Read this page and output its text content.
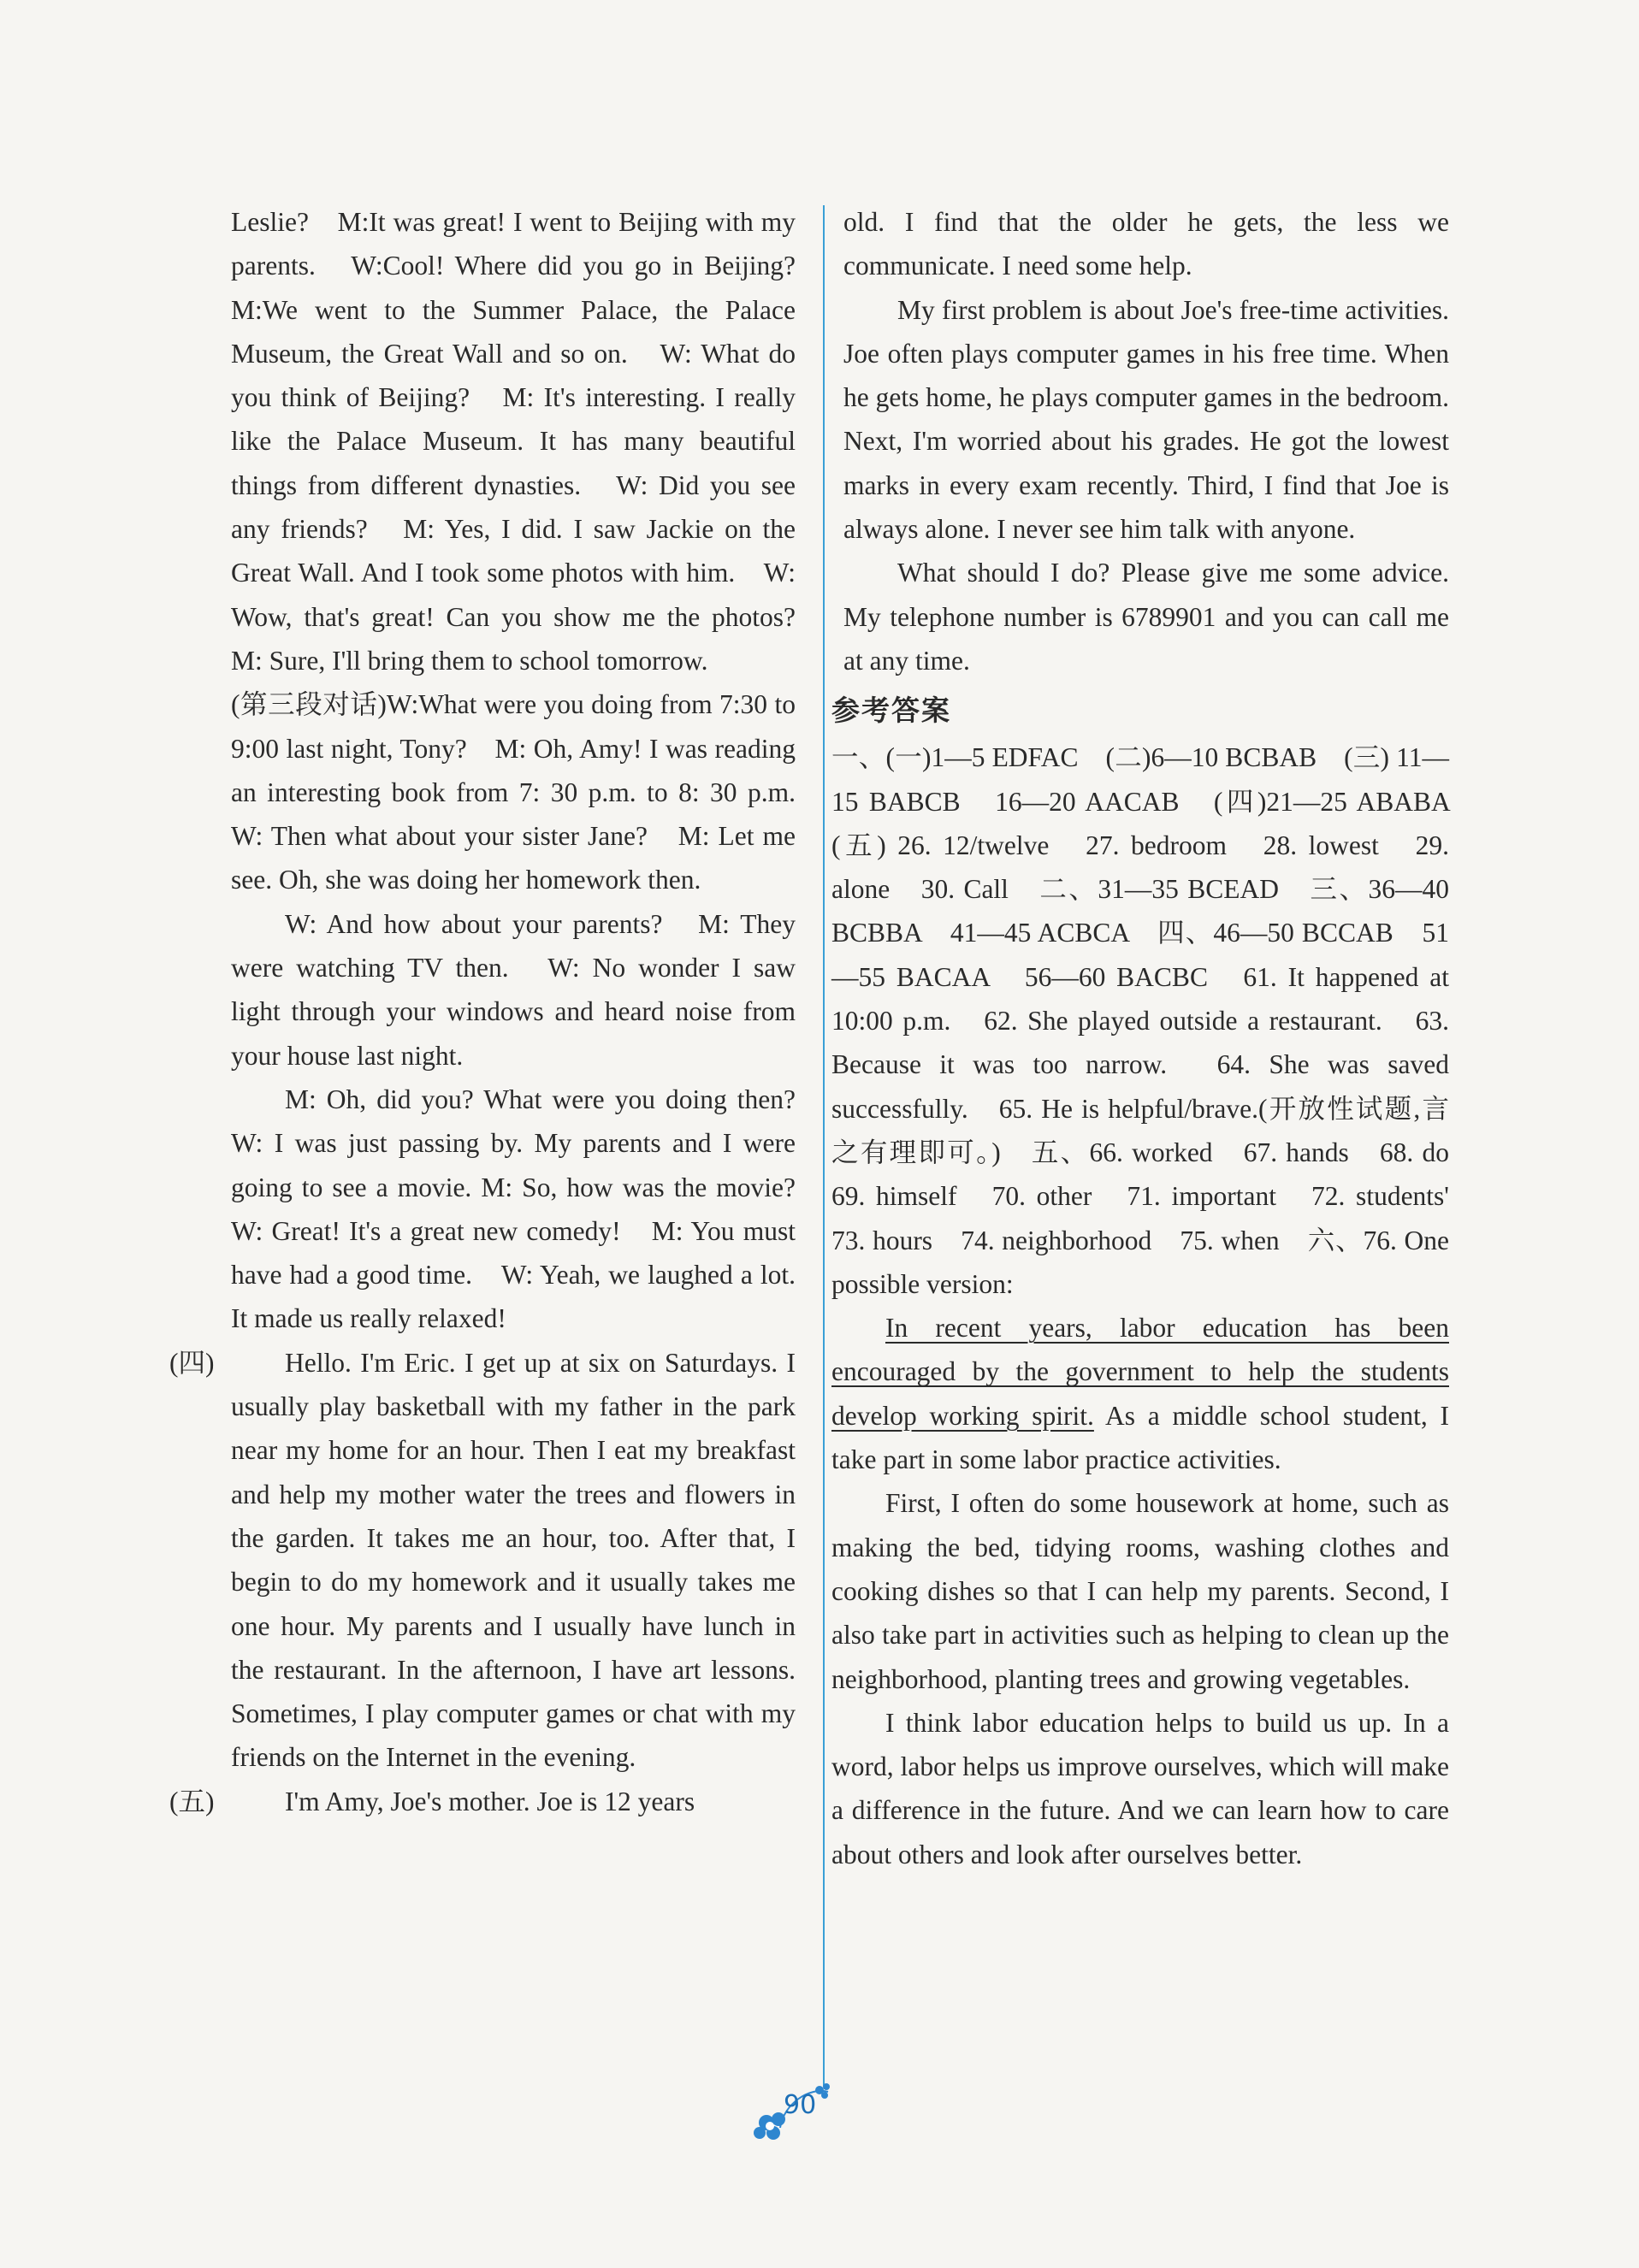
Leslie?　M:It was great! I went to Beijing with my parents.　W:Cool! Where did you go in Beijing?　M:We went to the Summer Palace, the Palace Museum, the Great Wall and so on.　W: What do you think of Beijing?　M: It's interesting. I really like the Palace Museum. It has many beautiful things from different dynasties.　W: Did you see any friends?　M: Yes, I did. I saw Jackie on the Great Wall. And I took some photos with him.　W: Wow, that's great! Can you show me the photos?　M: Sure, I'll bring them to school tomorrow.

(第三段对话)W:What were you doing from 7:30 to 9:00 last night, Tony?　M: Oh, Amy! I was reading an interesting book from 7: 30 p.m. to 8: 30 p.m.　W: Then what about your sister Jane?　M: Let me see. Oh, she was doing her homework then.

W: And how about your parents?　M: They were watching TV then.　W: No wonder I saw light through your windows and heard noise from your house last night.

M: Oh, did you? What were you doing then?　W: I was just passing by. My parents and I were going to see a movie. M: So, how was the movie?　W: Great! It's a great new comedy!　M: You must have had a good time.　W: Yeah, we laughed a lot. It made us really relaxed!

(四)	Hello. I'm Eric. I get up at six on Saturdays. I usually play basketball with my father in the park near my home for an hour. Then I eat my breakfast and help my mother water the trees and flowers in the garden. It takes me an hour, too. After that, I begin to do my homework and it usually takes me one hour. My parents and I usually have lunch in the restaurant. In the afternoon, I have art lessons. Sometimes, I play computer games or chat with my friends on the Internet in the evening.

(五)	I'm Amy, Joe's mother. Joe is 12 years

old. I find that the older he gets, the less we communicate. I need some help.

My first problem is about Joe's free-time activities. Joe often plays computer games in his free time. When he gets home, he plays computer games in the bedroom. Next, I'm worried about his grades. He got the lowest marks in every exam recently. Third, I find that Joe is always alone. I never see him talk with anyone.

What should I do? Please give me some advice. My telephone number is 6789901 and you can call me at any time.

参考答案

一、(一)1—5 EDFAC　(二)6—10 BCBAB　(三) 11—15 BABCB　16—20 AACAB　(四)21—25 ABABA　(五) 26. 12/twelve　27. bedroom　28. lowest　29. alone　30. Call　二、31—35 BCEAD　三、36—40 BCBBA　41—45 ACBCA　四、46—50 BCCAB　51—55 BACAA　56—60 BACBC　61. It happened at 10:00 p.m.　62. She played outside a restaurant.　63. Because it was too narrow.　64. She was saved successfully.　65. He is helpful/brave.(开放性试题,言之有理即可。)　五、66. worked　67. hands　68. do　69. himself　70. other　71. important　72. students'　73. hours　74. neighborhood　75. when　六、76. One possible version:

In recent years, labor education has been encouraged by the government to help the students develop working spirit. As a middle school student, I take part in some labor practice activities.

First, I often do some housework at home, such as making the bed, tidying rooms, washing clothes and cooking dishes so that I can help my parents. Second, I also take part in activities such as helping to clean up the neighborhood, planting trees and growing vegetables.

I think labor education helps to build us up. In a word, labor helps us improve ourselves, which will make a difference in the future. And we can learn how to care about others and look after ourselves better.

90
